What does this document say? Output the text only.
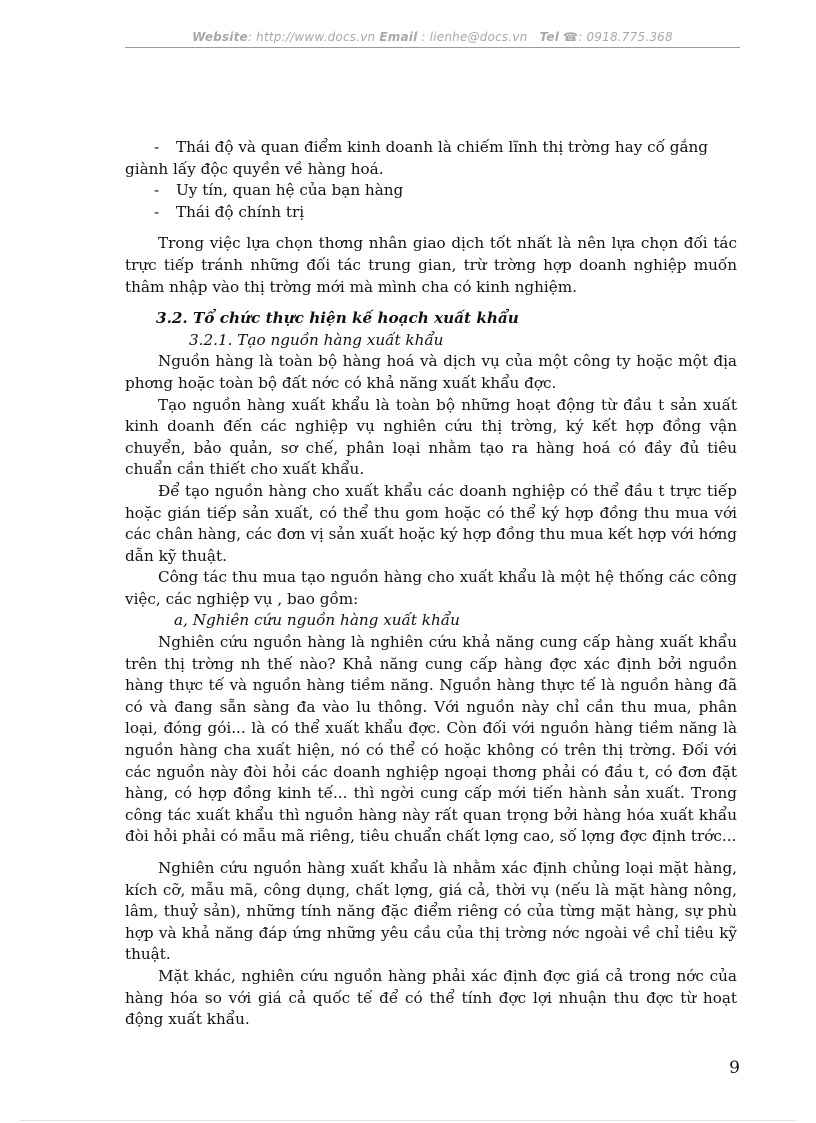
Website: http://www.docs.vn Email : lienhe@docs.vn Tel ☎: 0918.775.368

-	Thái độ và quan điểm kinh doanh là chiếm lĩnh thị trờng hay cố gắng

giành lấy độc quyền về hàng hoá.

-	Uy tín, quan hệ của bạn hàng

-	Thái độ chính trị

Trong việc lựa chọn thơng nhân giao dịch tốt nhất là nên lựa chọn đối tác trực tiếp tránh những đối tác trung gian, trừ trờng hợp doanh nghiệp muốn thâm nhập vào thị trờng mới mà mình cha có kinh nghiệm.

3.2. Tổ chức thực hiện kế hoạch xuất khẩu

3.2.1. Tạo nguồn hàng xuất khẩu

Nguồn hàng là toàn bộ hàng hoá và dịch vụ của một công ty hoặc một địa phơng hoặc toàn bộ đất nớc có khả năng xuất khẩu đợc.

Tạo nguồn hàng xuất khẩu là toàn bộ những hoạt động từ đầu t sản xuất kinh doanh đến các nghiệp vụ nghiên cứu thị trờng, ký kết hợp đồng vận chuyển, bảo quản, sơ chế, phân loại nhằm tạo ra hàng hoá có đầy đủ tiêu chuẩn cần thiết cho xuất khẩu.

Để tạo nguồn hàng cho xuất khẩu các doanh nghiệp có thể đầu t trực tiếp hoặc gián tiếp sản xuất, có thể thu gom hoặc có thể ký hợp đồng thu mua với các chân hàng, các đơn vị sản xuất hoặc ký hợp đồng thu mua kết hợp với hớng dẫn kỹ thuật.

Công tác thu mua tạo nguồn hàng cho xuất khẩu là một hệ thống các công việc, các nghiệp vụ , bao gồm:

a, Nghiên cứu nguồn hàng xuất khẩu

Nghiên cứu nguồn hàng là nghiên cứu khả năng cung cấp hàng xuất khẩu trên thị trờng nh thế nào? Khả năng cung cấp hàng đợc xác định bởi nguồn hàng thực tế và nguồn hàng tiềm năng. Nguồn hàng thực tế là nguồn hàng đã có và đang sẵn sàng đa vào lu thông. Với nguồn này chỉ cần thu mua, phân loại, đóng gói... là có thể xuất khẩu đợc. Còn đối với nguồn hàng tiềm năng là nguồn hàng cha xuất hiện, nó có thể có hoặc không có trên thị trờng. Đối với các nguồn này đòi hỏi các doanh nghiệp ngoại thơng phải có đầu t, có đơn đặt hàng, có hợp đồng kinh tế... thì ngời cung cấp mới tiến hành sản xuất. Trong công tác xuất khẩu thì nguồn hàng này rất quan trọng bởi hàng hóa xuất khẩu đòi hỏi phải có mẫu mã riêng, tiêu chuẩn chất lợng cao, số lợng đợc định trớc...

Nghiên cứu nguồn hàng xuất khẩu là nhằm xác định chủng loại mặt hàng, kích cỡ, mẫu mã, công dụng, chất lợng, giá cả, thời vụ (nếu là mặt hàng nông, lâm, thuỷ sản), những tính năng đặc điểm riêng có của từng mặt hàng, sự phù hợp và khả năng đáp ứng những yêu cầu của thị trờng nớc ngoài về chỉ tiêu kỹ thuật.

Mặt khác, nghiên cứu nguồn hàng phải xác định đợc giá cả trong nớc của hàng hóa so với giá cả quốc tế để có thể tính đợc lợi nhuận thu đợc từ hoạt động xuất khẩu.

9
